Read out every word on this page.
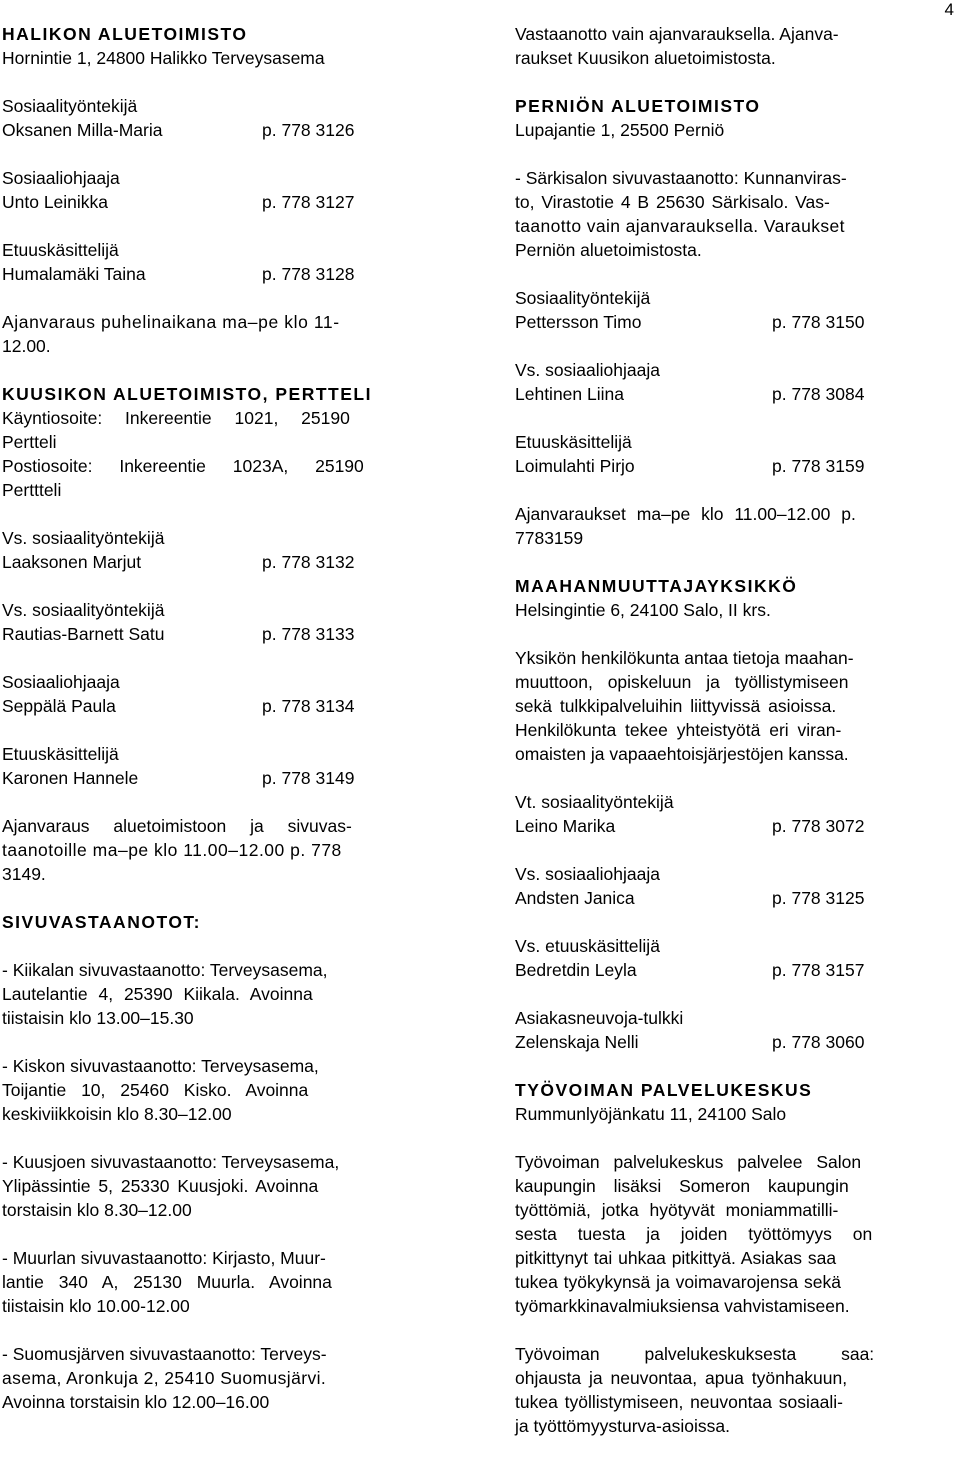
4
HALIKON ALUETOIMISTO
Hornintie 1, 24800 Halikko Terveysasema
Sosiaalityöntekijä
Oksanen Milla-Maria	p. 778 3126
Sosiaaliohjaaja
Unto Leinikka	p. 778 3127
Etuuskäsittelijä
Humalamäki Taina	p. 778 3128
Ajanvaraus puhelinaikana ma–pe klo 11-
12.00.
KUUSIKON ALUETOIMISTO, PERTTELI
Käyntiosoite: Inkereentie 1021, 25190
Pertteli
Postiosoite: Inkereentie 1023A, 25190
Perttteli
Vs. sosiaalityöntekijä
Laaksonen Marjut	p. 778 3132
Vs. sosiaalityöntekijä
Rautias-Barnett Satu	p. 778 3133
Sosiaaliohjaaja
Seppälä Paula	p. 778 3134
Etuuskäsittelijä
Karonen Hannele	p. 778 3149
Ajanvaraus aluetoimistoon ja sivuvas-
taanotoille ma–pe klo 11.00–12.00 p. 778
3149.
SIVUVASTAANOTOT:
- Kiikalan sivuvastaanotto: Terveysasema,
Lautelantie 4, 25390 Kiikala. Avoinna
tiistaisin klo 13.00–15.30
- Kiskon sivuvastaanotto: Terveysasema,
Toijantie 10, 25460 Kisko. Avoinna
keskiviikkoisin klo 8.30–12.00
- Kuusjoen sivuvastaanotto: Terveysasema,
Ylipässintie 5, 25330 Kuusjoki. Avoinna
torstaisin klo 8.30–12.00
- Muurlan sivuvastaanotto: Kirjasto, Muur-
lantie 340 A, 25130 Muurla. Avoinna
tiistaisin klo 10.00-12.00
- Suomusjärven sivuvastaanotto: Terveys-
asema, Aronkuja 2, 25410 Suomusjärvi.
Avoinna torstaisin klo 12.00–16.00
Vastaanotto vain ajanvarauksella. Ajanva-
raukset Kuusikon aluetoimistosta.
PERNIÖN ALUETOIMISTO
Lupajantie 1, 25500 Perniö
- Särkisalon sivuvastaanotto: Kunnanviras-
to, Virastotie 4 B 25630 Särkisalo. Vas-
taanotto vain ajanvarauksella. Varaukset
Perniön aluetoimistosta.
Sosiaalityöntekijä
Pettersson Timo	p. 778 3150
Vs. sosiaaliohjaaja
Lehtinen Liina	p. 778 3084
Etuuskäsittelijä
Loimulahti Pirjo	p. 778 3159
Ajanvaraukset ma–pe klo 11.00–12.00 p.
7783159
MAAHANMUUTTAJAYKSIKKÖ
Helsingintie 6, 24100 Salo, II krs.
Yksikön henkilökunta antaa tietoja maahan-
muuttoon, opiskeluun ja työllistymiseen
sekä tulkkipalveluihin liittyvissä asioissa.
Henkilökunta tekee yhteistyötä eri viran-
omaisten ja vapaaehtoisjärjestöjen kanssa.
Vt. sosiaalityöntekijä
Leino Marika	p. 778 3072
Vs. sosiaaliohjaaja
Andsten Janica	p. 778 3125
Vs. etuuskäsittelijä
Bedretdin Leyla	p. 778 3157
Asiakasneuvoja-tulkki
Zelenskaja Nelli	p. 778 3060
TYÖVOIMAN PALVELUKESKUS
Rummunlyöjänkatu 11, 24100 Salo
Työvoiman palvelukeskus palvelee Salon
kaupungin lisäksi Someron kaupungin
työttömiä, jotka hyötyvät moniammatilli-
sesta tuesta ja joiden työttömyys on
pitkittynyt tai uhkaa pitkittyä. Asiakas saa
tukea työkykynsä ja voimavarojensa sekä
työmarkkinavalmiuksiensa vahvistamiseen.
Työvoiman palvelukeskuksesta saa:
ohjausta ja neuvontaa, apua työnhakuun,
tukea työllistymiseen, neuvontaa sosiaali-
ja työttömyysturva-asioissa.
